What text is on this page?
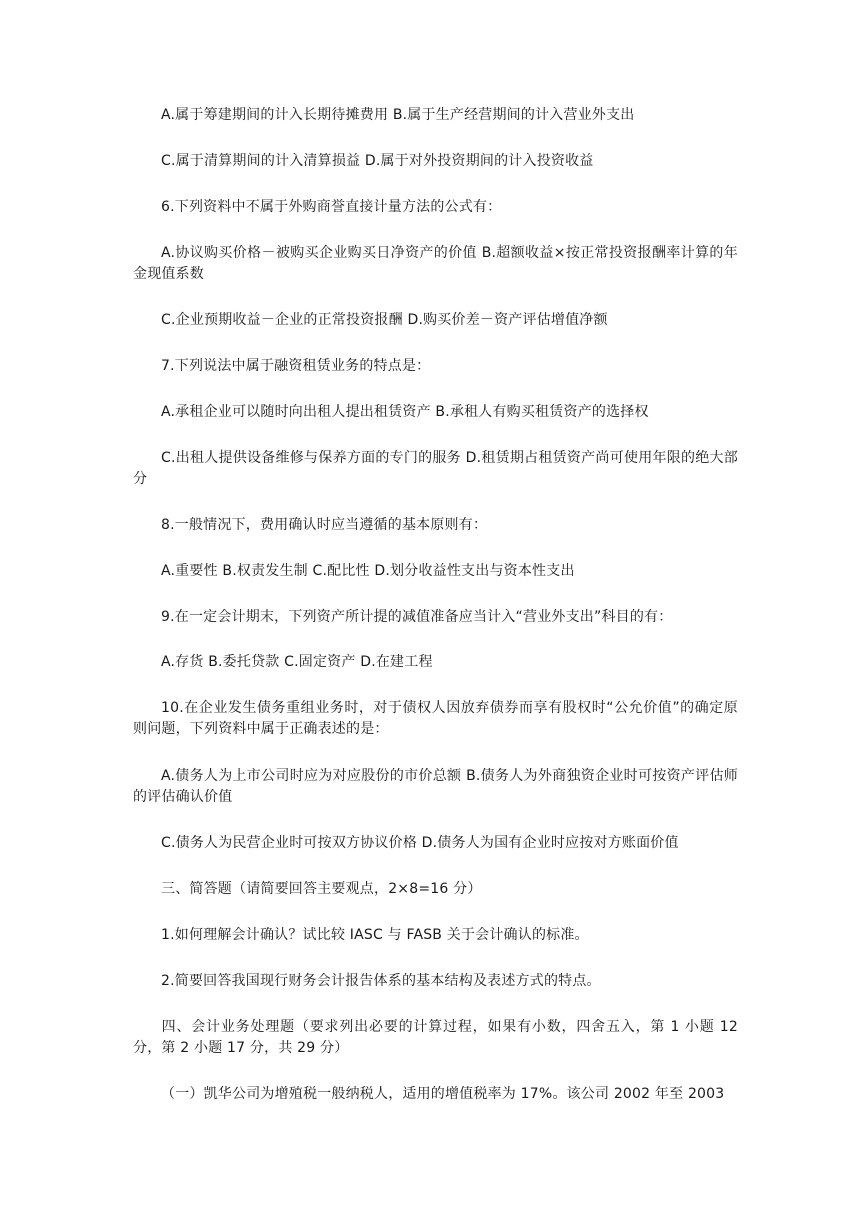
A.属于筹建期间的计入长期待摊费用 B.属于生产经营期间的计入营业外支出

C.属于清算期间的计入清算损益 D.属于对外投资期间的计入投资收益

6.下列资料中不属于外购商誉直接计量方法的公式有：

A.协议购买价格－被购买企业购买日净资产的价值 B.超额收益×按正常投资报酬率计算的年金现值系数

C.企业预期收益－企业的正常投资报酬 D.购买价差－资产评估增值净额

7.下列说法中属于融资租赁业务的特点是：

A.承租企业可以随时向出租人提出租赁资产 B.承租人有购买租赁资产的选择权

C.出租人提供设备维修与保养方面的专门的服务 D.租赁期占租赁资产尚可使用年限的绝大部分

8.一般情况下，费用确认时应当遵循的基本原则有：

A.重要性 B.权责发生制 C.配比性 D.划分收益性支出与资本性支出

9.在一定会计期末，下列资产所计提的减值准备应当计入“营业外支出”科目的有：

A.存货 B.委托贷款 C.固定资产 D.在建工程

10.在企业发生债务重组业务时，对于债权人因放弃债券而享有股权时“公允价值”的确定原则问题，下列资料中属于正确表述的是：

A.债务人为上市公司时应为对应股份的市价总额 B.债务人为外商独资企业时可按资产评估师的评估确认价值

C.债务人为民营企业时可按双方协议价格 D.债务人为国有企业时应按对方账面价值

三、简答题（请简要回答主要观点，2×8=16 分）

1.如何理解会计确认？试比较 IASC 与 FASB 关于会计确认的标准。

2.简要回答我国现行财务会计报告体系的基本结构及表述方式的特点。

四、会计业务处理题（要求列出必要的计算过程，如果有小数，四舍五入，第 1 小题 12 分，第 2 小题 17 分，共 29 分）

（一）凯华公司为增殖税一般纳税人，适用的增值税率为 17%。该公司 2002 年至 2003
